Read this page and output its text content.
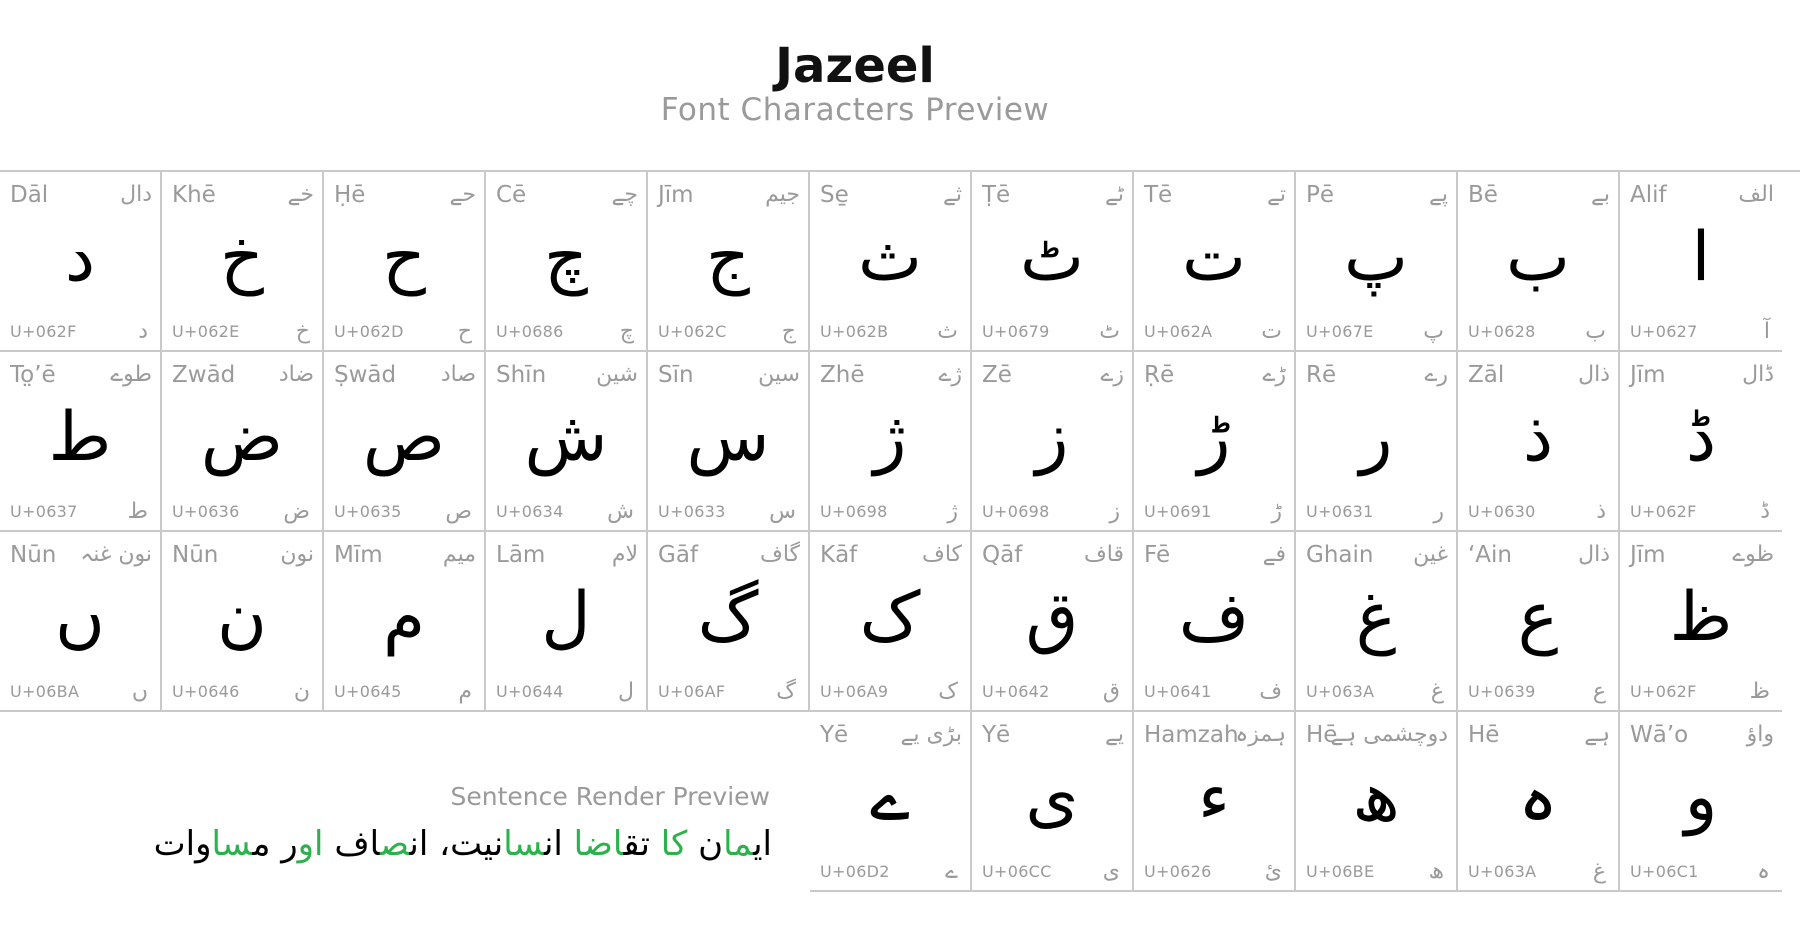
Jazeel
Font Characters Preview
Dāl	دال
د
U+062F	د
Khē	خے
خ
U+062E	خ
Ḥē	حے
ح
U+062D ح
Cē	چے
چ
U+0686	چ
Jīm	جیم
ج
U+062C	ج
Se̱	ثے
ث
U+062B ث
Ṭē	ٹے
ٹ
U+0679 ٹ
Tē	تے
ت
U+062A ت
Pē	پے
پ
U+067E پ
Bē	بے
ب
U+0628 ب
Alif	الف
ا
U+0627	آ
To̤’ē طوے
ط
U+0637 ط
Zwād ضاد
ض
U+0636 ض
Ṣwād صاد
ص
U+0635 ص
Shīn شین
ش
U+0634 ش
Sīn	سین
س
U+0633 س
Zhē	ژے
ژ
U+0698	ژ
Zē	زے
ز
U+0698	ز
Ṛē	ڑے
ڑ
U+0691	ڑ
Rē	رے
ر
U+0631	ر
Zāl	ذال
ذ
U+0630	ذ
Jīm	ڈال
ڈ
U+062F	ڈ
Nūn نون غنہ
ں
U+06BA ں
Nūn	نون
ن
U+0646 ن
Mīm	میم
م
U+0645	م
Lām	لام
ل
U+0644 ل
Gāf	گاف
گ
U+06AF گ
Kāf	کاف
ک
U+06A9 ک
Qāf	قاف
ق
U+0642 ق
Fē	فے
ف
U+0641 ف
Ghain غین
غ
U+063A	غ
‘Ain	ذال
ع
U+0639	ع
Jīm	ظوے
ظ
U+062F ظ
Yē بڑی یے
ے
U+06D2	ے
Yē	یے
ی
U+06CC ی
Hamzah
ہمزہ
ء
U+0626 ئ
Hē
دوچشمی ہے
ھ
U+06BE ھ
Hē	ہے
ہ
U+063A	غ
Wā’o	واؤ
و
U+06C1	ہ
Sentence Render Preview
ایمان کا تقاضا انسانیت، انصاف اور مساوات
